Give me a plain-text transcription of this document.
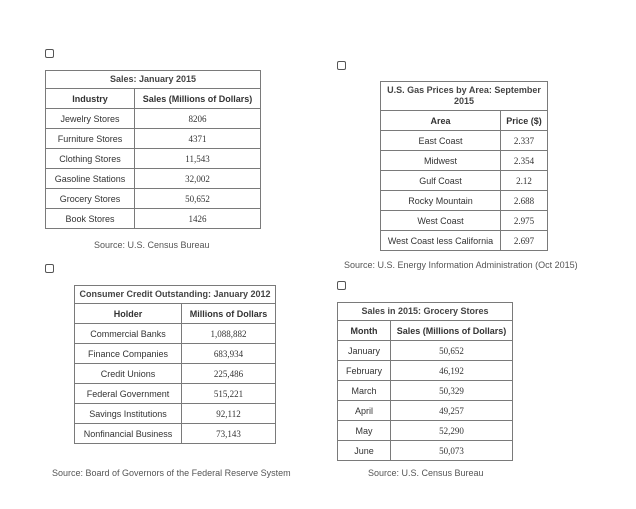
Sales: January 2015
Industry	Sales (Millions of Dollars)
Jewelry Stores	8206
Furniture Stores	4371
Clothing Stores	11,543
Gasoline Stations	32,002
Grocery Stores	50,652
Book Stores	1426
Source: U.S. Census Bureau
U.S. Gas Prices by Area: September 2015
Area	Price ($)
East Coast	2.337
Midwest	2.354
Gulf Coast	2.12
Rocky Mountain	2.688
West Coast	2.975
West Coast less California	2.697
Source: U.S. Energy Information Administration (Oct 2015)
Consumer Credit Outstanding: January 2012
Holder	Millions of Dollars
Commercial Banks	1,088,882
Finance Companies	683,934
Credit Unions	225,486
Federal Government	515,221
Savings Institutions	92,112
Nonfinancial Business	73,143
Source: Board of Governors of the Federal Reserve System
Sales in 2015: Grocery Stores
Month	Sales (Millions of Dollars)
January	50,652
February	46,192
March	50,329
April	49,257
May	52,290
June	50,073
Source: U.S. Census Bureau
